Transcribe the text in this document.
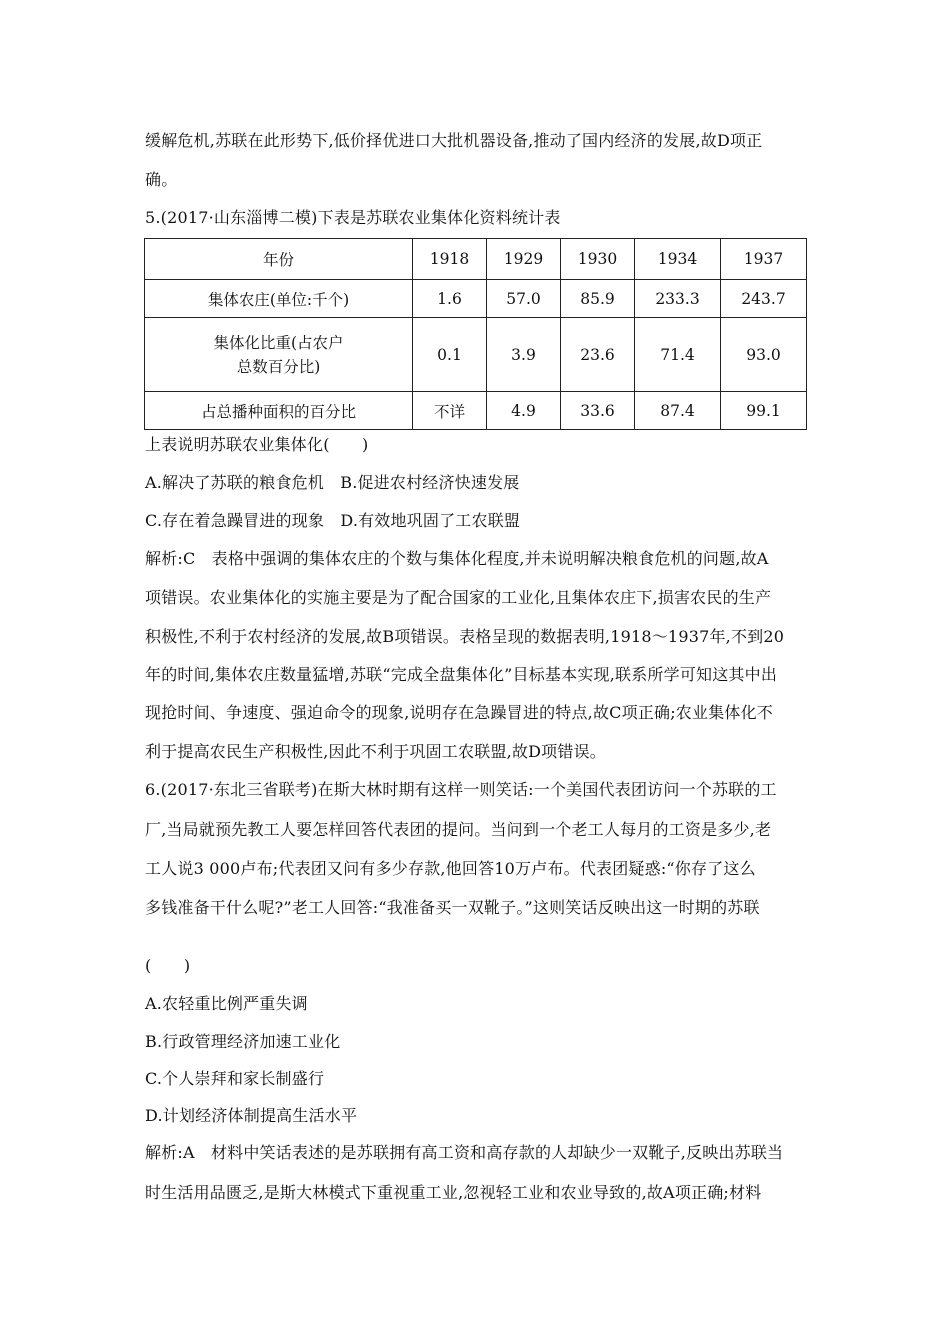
缓解危机,苏联在此形势下,低价择优进口大批机器设备,推动了国内经济的发展,故D项正
确。
5.(2017·山东淄博二模)下表是苏联农业集体化资料统计表
年份	1918	1929	1930	1934	1937
集体农庄(单位:千个)	1.6	57.0	85.9	233.3	243.7

集体化比重(占农户
总数百分比)	0.1	3.9	23.6	71.4	93.0
占总播种面积的百分比	不详	4.9	33.6	87.4	99.1
上表说明苏联农业集体化(　　)
A.解决了苏联的粮食危机　B.促进农村经济快速发展
C.存在着急躁冒进的现象　D.有效地巩固了工农联盟
解析:C　表格中强调的集体农庄的个数与集体化程度,并未说明解决粮食危机的问题,故A
项错误。农业集体化的实施主要是为了配合国家的工业化,且集体农庄下,损害农民的生产
积极性,不利于农村经济的发展,故B项错误。表格呈现的数据表明,1918～1937年,不到20
年的时间,集体农庄数量猛增,苏联“完成全盘集体化”目标基本实现,联系所学可知这其中出
现抢时间、争速度、强迫命令的现象,说明存在急躁冒进的特点,故C项正确;农业集体化不
利于提高农民生产积极性,因此不利于巩固工农联盟,故D项错误。
6.(2017·东北三省联考)在斯大林时期有这样一则笑话:一个美国代表团访问一个苏联的工
厂,当局就预先教工人要怎样回答代表团的提问。当问到一个老工人每月的工资是多少,老
工人说3 000卢布;代表团又问有多少存款,他回答10万卢布。代表团疑惑:“你存了这么
多钱准备干什么呢?”老工人回答:“我准备买一双靴子。”这则笑话反映出这一时期的苏联
(　　)
A.农轻重比例严重失调
B.行政管理经济加速工业化
C.个人崇拜和家长制盛行
D.计划经济体制提高生活水平
解析:A　材料中笑话表述的是苏联拥有高工资和高存款的人却缺少一双靴子,反映出苏联当
时生活用品匮乏,是斯大林模式下重视重工业,忽视轻工业和农业导致的,故A项正确;材料
